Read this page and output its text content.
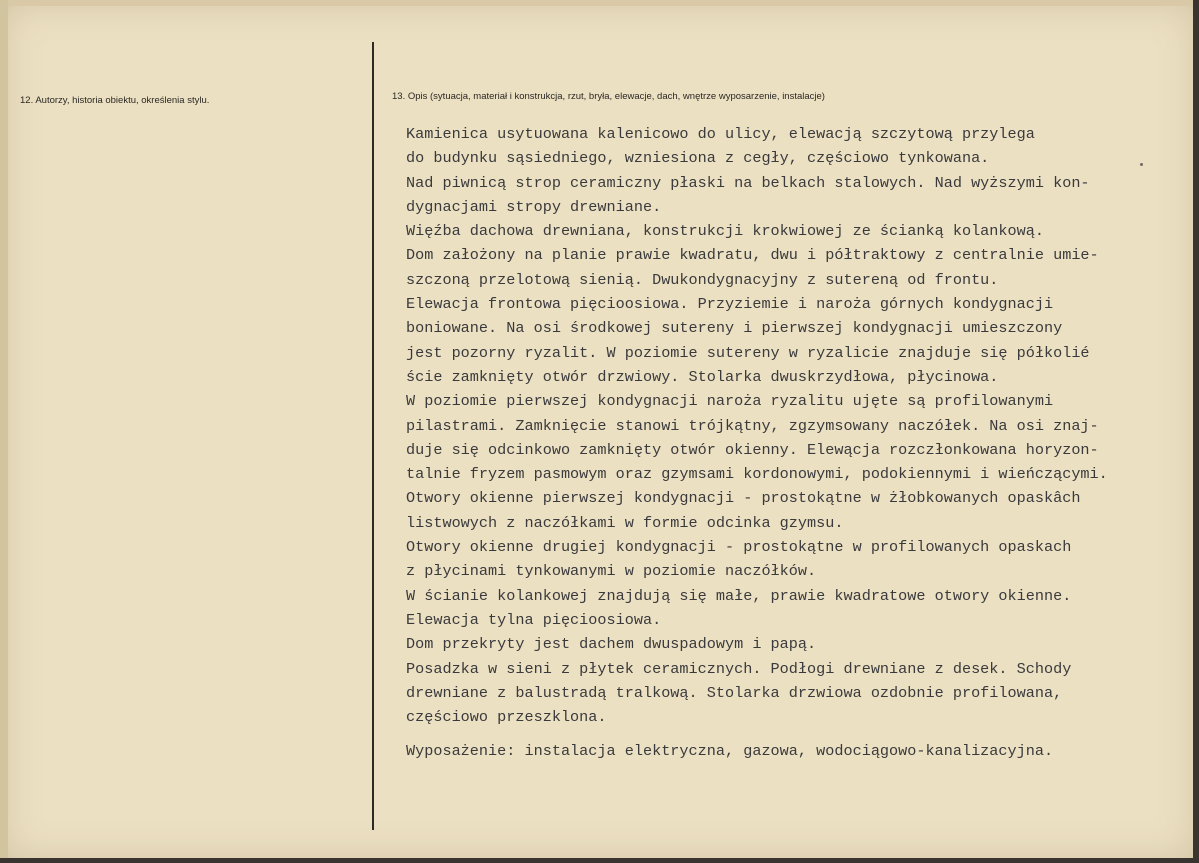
12. Autorzy, historia obiektu, określenia stylu.	13. Opis (sytuacja, materiał i konstrukcja, rzut, bryła, elewacje, dach, wnętrze wyposarzenie, instalacje)
Kamienica usytuowana kalenicowo do ulicy, elewacją szczytową przylega
do budynku sąsiedniego, wzniesiona z cegły, częściowo tynkowana.
Nad piwnicą strop ceramiczny płaski na belkach stalowych. Nad wyższymi kon-
dygnacjami stropy drewniane.
Więźba dachowa drewniana, konstrukcji krokwiowej ze ścianką kolankową.
Dom założony na planie prawie kwadratu, dwu i półtraktowy z centralnie umie-
szczoną przelotową sienią. Dwukondygnacyjny z sutereną od frontu.
Elewacja frontowa pięcioosiowa. Przyziemie i naroża górnych kondygnacji
boniowane. Na osi środkowej sutereny i pierwszej kondygnacji umieszczony
jest pozorny ryzalit. W poziomie sutereny w ryzalicie znajduje się półkolié
ście zamknięty otwór drzwiowy. Stolarka dwuskrzydłowa, płycinowa.
W poziomie pierwszej kondygnacji naroża ryzalitu ujęte są profilowanymi
pilastrami. Zamknięcie stanowi trójkątny, zgzymsowany naczółek. Na osi znaj-
duje się odcinkowo zamknięty otwór okienny. Elewącja rozczłonkowana horyzon-
talnie fryzem pasmowym oraz gzymsami kordonowymi, podokiennymi i wieńczącymi.
Otwory okienne pierwszej kondygnacji - prostokątne w żłobkowanych opaskâch
listwowych z naczółkami w formie odcinka gzymsu.
Otwory okienne drugiej kondygnacji - prostokątne w profilowanych opaskach
z płycinami tynkowanymi w poziomie naczółków.
W ścianie kolankowej znajdują się małe, prawie kwadratowe otwory okienne.
Elewacja tylna pięcioosiowa.
Dom przekryty jest dachem dwuspadowym i papą.
Posadzka w sieni z płytek ceramicznych. Podłogi drewniane z desek. Schody
drewniane z balustradą tralkową. Stolarka drzwiowa ozdobnie profilowana,
częściowo przeszklona.
Wyposażenie: instalacja elektryczna, gazowa, wodociągowo-kanalizacyjna.
